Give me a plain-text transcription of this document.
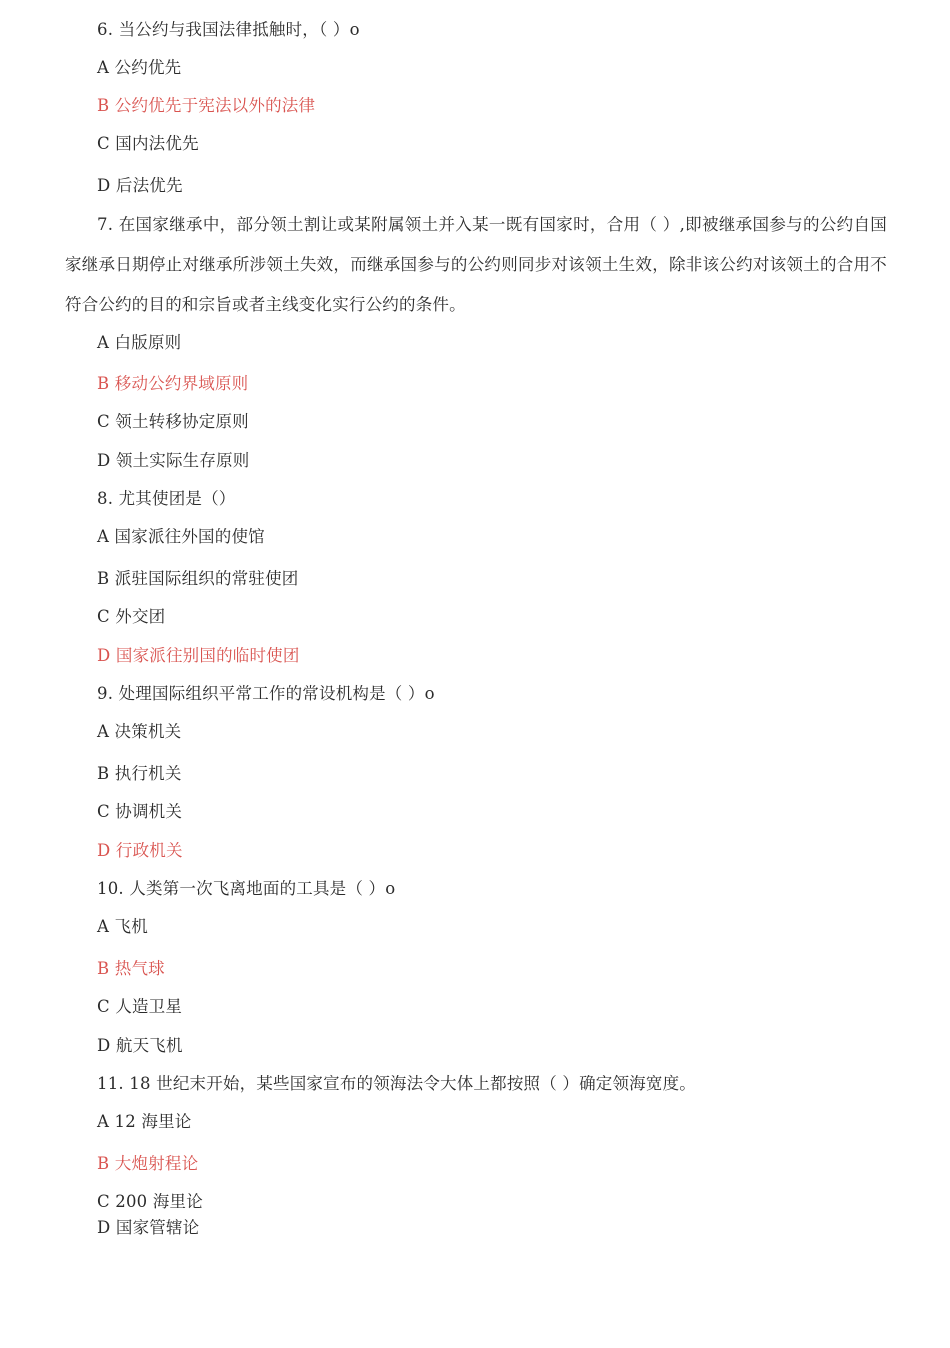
6. 当公约与我国法律抵触时，（ ）o
A 公约优先
B 公约优先于宪法以外的法律
C 国内法优先
D 后法优先
7. 在国家继承中，部分领土割让或某附属领土并入某一既有国家时，合用（ ）,即被继承国参与的公约自国家继承日期停止对继承所涉领土失效，而继承国参与的公约则同步对该领土生效，除非该公约对该领土的合用不符合公约的目的和宗旨或者主线变化实行公约的条件。
A 白版原则
B 移动公约界域原则
C 领土转移协定原则
D 领土实际生存原则
8. 尤其使团是（）
A 国家派往外国的使馆
B 派驻国际组织的常驻使团
C 外交团
D 国家派往别国的临时使团
9. 处理国际组织平常工作的常设机构是（ ）o
A 决策机关
B 执行机关
C 协调机关
D 行政机关
10. 人类第一次飞离地面的工具是（ ）o
A 飞机
B 热气球
C 人造卫星
D 航天飞机
11. 18 世纪末开始，某些国家宣布的领海法令大体上都按照（ ）确定领海宽度。
A 12 海里论
B 大炮射程论
C 200 海里论
D 国家管辖论
